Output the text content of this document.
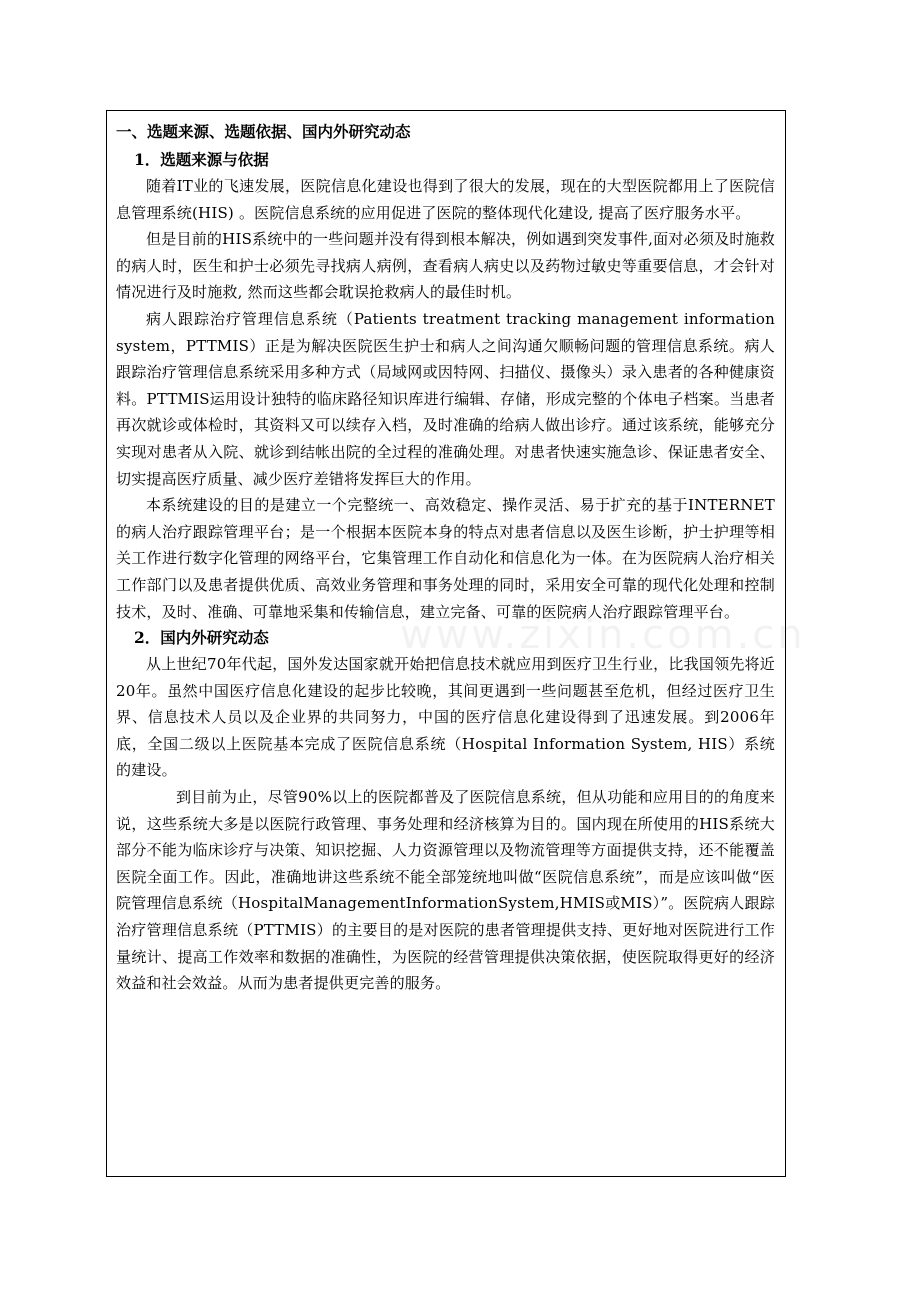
一、选题来源、选题依据、国内外研究动态

1．选题来源与依据

随着IT业的飞速发展，医院信息化建设也得到了很大的发展，现在的大型医院都用上了医院信息管理系统(HIS) 。医院信息系统的应用促进了医院的整体现代化建设, 提高了医疗服务水平。

但是目前的HIS系统中的一些问题并没有得到根本解决，例如遇到突发事件,面对必须及时施救的病人时，医生和护士必须先寻找病人病例，查看病人病史以及药物过敏史等重要信息，才会针对情况进行及时施救, 然而这些都会耽误抢救病人的最佳时机。

病人跟踪治疗管理信息系统（Patients treatment tracking management information system，PTTMIS）正是为解决医院医生护士和病人之间沟通欠顺畅问题的管理信息系统。病人跟踪治疗管理信息系统采用多种方式（局域网或因特网、扫描仪、摄像头）录入患者的各种健康资料。PTTMIS运用设计独特的临床路径知识库进行编辑、存储，形成完整的个体电子档案。当患者再次就诊或体检时，其资料又可以续存入档，及时准确的给病人做出诊疗。通过该系统，能够充分实现对患者从入院、就诊到结帐出院的全过程的准确处理。对患者快速实施急诊、保证患者安全、切实提高医疗质量、减少医疗差错将发挥巨大的作用。

本系统建设的目的是建立一个完整统一、高效稳定、操作灵活、易于扩充的基于INTERNET的病人治疗跟踪管理平台；是一个根据本医院本身的特点对患者信息以及医生诊断，护士护理等相关工作进行数字化管理的网络平台，它集管理工作自动化和信息化为一体。在为医院病人治疗相关工作部门以及患者提供优质、高效业务管理和事务处理的同时，采用安全可靠的现代化处理和控制技术，及时、准确、可靠地采集和传输信息，建立完备、可靠的医院病人治疗跟踪管理平台。

2．国内外研究动态

从上世纪70年代起，国外发达国家就开始把信息技术就应用到医疗卫生行业，比我国领先将近20年。虽然中国医疗信息化建设的起步比较晚，其间更遇到一些问题甚至危机，但经过医疗卫生界、信息技术人员以及企业界的共同努力，中国的医疗信息化建设得到了迅速发展。到2006年底，全国二级以上医院基本完成了医院信息系统（Hospital Information System, HIS）系统的建设。

到目前为止，尽管90%以上的医院都普及了医院信息系统，但从功能和应用目的的角度来说，这些系统大多是以医院行政管理、事务处理和经济核算为目的。国内现在所使用的HIS系统大部分不能为临床诊疗与决策、知识挖掘、人力资源管理以及物流管理等方面提供支持，还不能覆盖医院全面工作。因此，准确地讲这些系统不能全部笼统地叫做“医院信息系统”，而是应该叫做“医院管理信息系统（HospitalManagementInformationSystem,HMIS或MIS）”。医院病人跟踪治疗管理信息系统（PTTMIS）的主要目的是对医院的患者管理提供支持、更好地对医院进行工作量统计、提高工作效率和数据的准确性，为医院的经营管理提供决策依据，使医院取得更好的经济效益和社会效益。从而为患者提供更完善的服务。

www.zixin.com.cn
